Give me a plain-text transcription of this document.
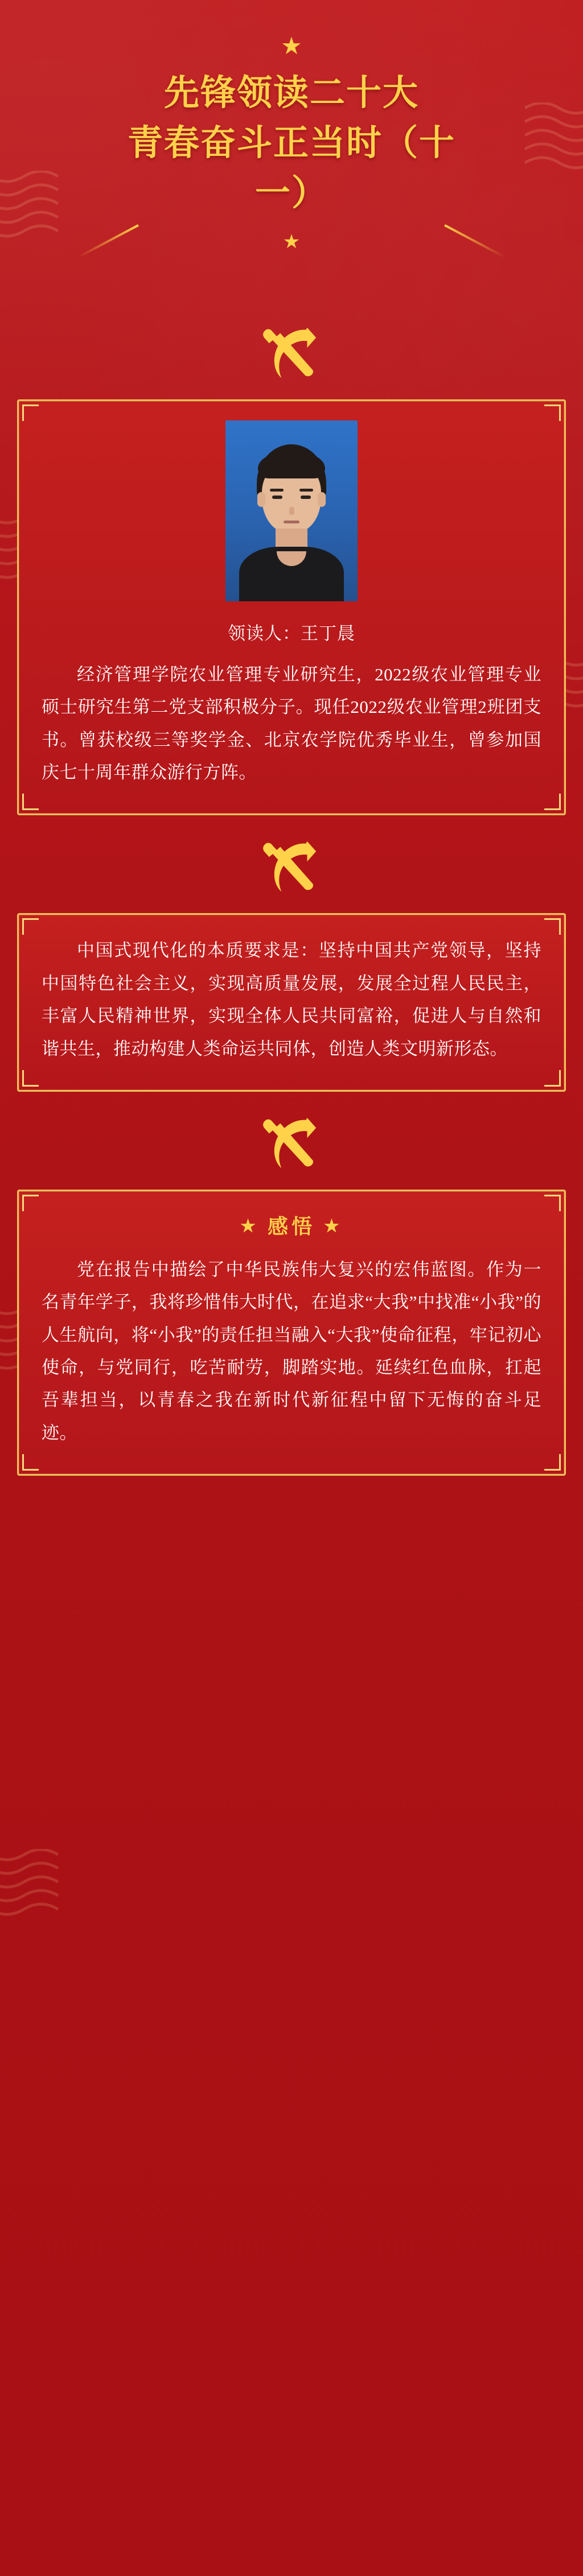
★
先锋领读二十大
青春奋斗正当时（十
一）
★
领读人：王丁晨
经济管理学院农业管理专业研究生，2022级农业管理专业硕士研究生第二党支部积极分子。现任2022级农业管理2班团支书。曾获校级三等奖学金、北京农学院优秀毕业生，曾参加国庆七十周年群众游行方阵。
中国式现代化的本质要求是：坚持中国共产党领导，坚持中国特色社会主义，实现高质量发展，发展全过程人民民主，丰富人民精神世界，实现全体人民共同富裕，促进人与自然和谐共生，推动构建人类命运共同体，创造人类文明新形态。
★ 感悟 ★
党在报告中描绘了中华民族伟大复兴的宏伟蓝图。作为一名青年学子，我将珍惜伟大时代，在追求“大我”中找准“小我”的人生航向，将“小我”的责任担当融入“大我”使命征程，牢记初心使命，与党同行，吃苦耐劳，脚踏实地。延续红色血脉，扛起吾辈担当，以青春之我在新时代新征程中留下无悔的奋斗足迹。
